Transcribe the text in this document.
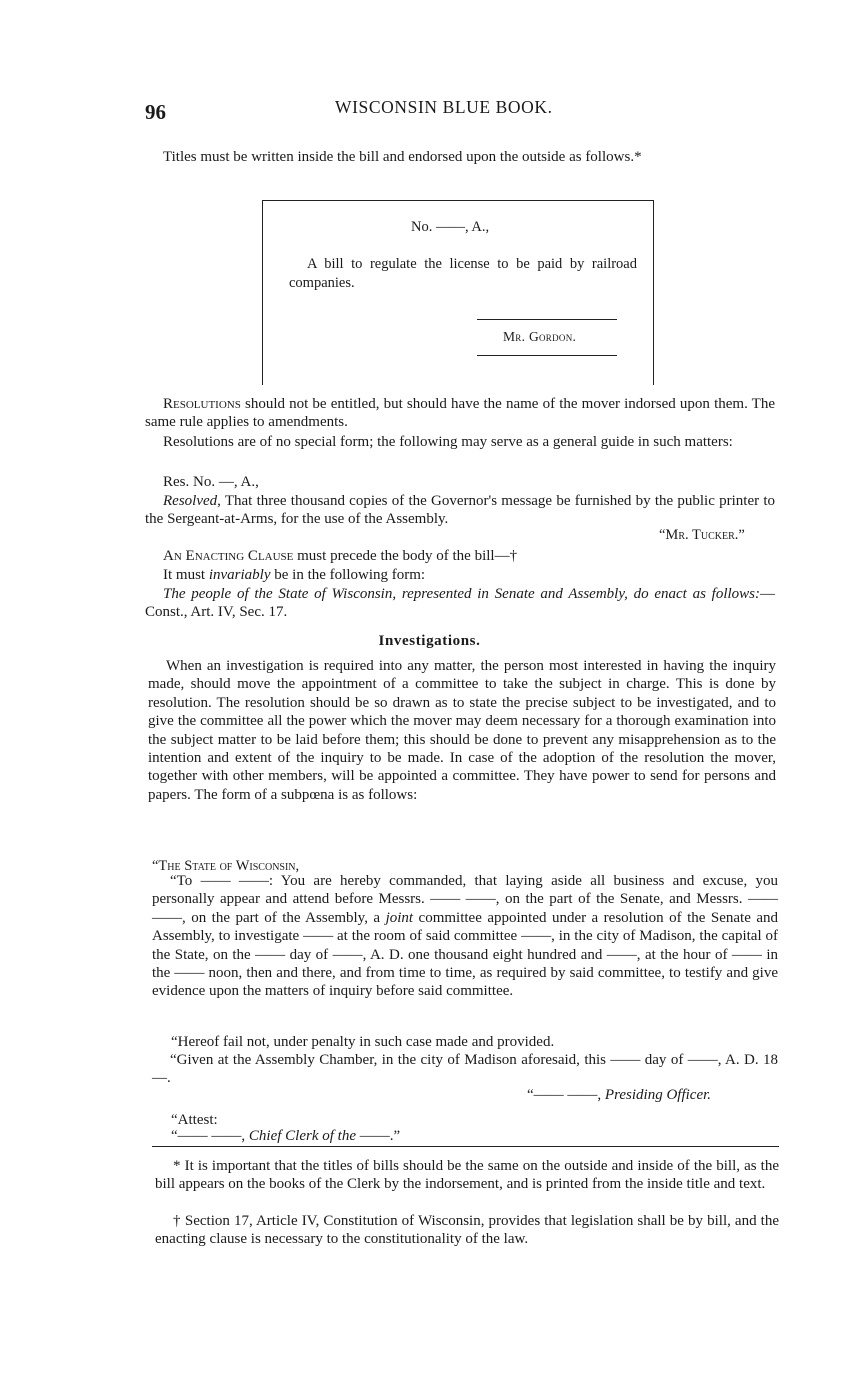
96	WISCONSIN BLUE BOOK.

Titles must be written inside the bill and endorsed upon the outside as follows.*

No. ——, A.,
A bill to regulate the license to be paid by railroad companies.
Mr. Gordon.

Resolutions should not be entitled, but should have the name of the mover indorsed upon them. The same rule applies to amendments.

Resolutions are of no special form; the following may serve as a general guide in such matters:

Res. No. —, A.,

Resolved, That three thousand copies of the Governor's message be furnished by the public printer to the Sergeant-at-Arms, for the use of the Assembly.

“Mr. Tucker.”

An Enacting Clause must precede the body of the bill—†

It must invariably be in the following form:

The people of the State of Wisconsin, represented in Senate and Assembly, do enact as follows:—Const., Art. IV, Sec. 17.

Investigations.

When an investigation is required into any matter, the person most interested in having the inquiry made, should move the appointment of a committee to take the subject in charge. This is done by resolution. The resolution should be so drawn as to state the precise subject to be investigated, and to give the committee all the power which the mover may deem necessary for a thorough examination into the subject matter to be laid before them; this should be done to prevent any misapprehension as to the intention and extent of the inquiry to be made. In case of the adoption of the resolution the mover, together with other members, will be appointed a committee. They have power to send for persons and papers. The form of a subpœna is as follows:

“The State of Wisconsin,

“To —— ——: You are hereby commanded, that laying aside all business and excuse, you personally appear and attend before Messrs. —— ——, on the part of the Senate, and Messrs. —— ——, on the part of the Assembly, a joint committee appointed under a resolution of the Senate and Assembly, to investigate —— at the room of said committee ——, in the city of Madison, the capital of the State, on the —— day of ——, A. D. one thousand eight hundred and ——, at the hour of —— in the —— noon, then and there, and from time to time, as required by said committee, to testify and give evidence upon the matters of inquiry before said committee.

“Hereof fail not, under penalty in such case made and provided.

“Given at the Assembly Chamber, in the city of Madison aforesaid, this —— day of ——, A. D. 18—.

“—— ——, Presiding Officer.
“Attest:
“—— ——, Chief Clerk of the ——.”

* It is important that the titles of bills should be the same on the outside and inside of the bill, as the bill appears on the books of the Clerk by the indorsement, and is printed from the inside title and text.

† Section 17, Article IV, Constitution of Wisconsin, provides that legislation shall be by bill, and the enacting clause is necessary to the constitutionality of the law.
